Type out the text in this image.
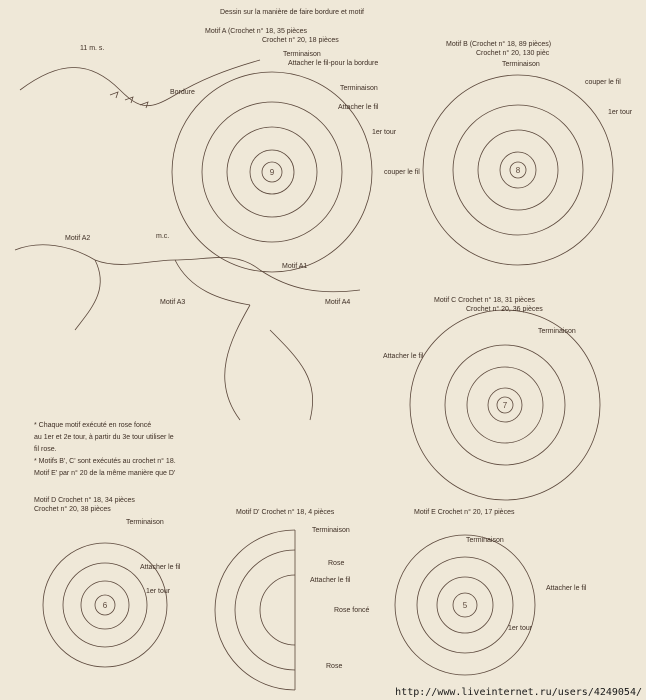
9	8
7
6	5
Dessin sur la manière de faire bordure et motif
11 m. s.
Bordure
Motif A (Crochet n° 18, 35 pièces
Crochet n° 20, 18 pièces
Terminaison
Attacher le fil-pour la bordure
Terminaison
Attacher le fil
1er tour
couper le fil
Motif A2	m.c.
Motif A1
Motif A3	Motif A4
Motif B (Crochet n° 18, 89 pièces)
Crochet n° 20, 130 pièc
Terminaison
couper le fil
1er tour
Motif C Crochet n° 18, 31 pièces
Crochet n° 20, 36 pièces
Terminaison
Attacher le fil
* Chaque motif exécuté en rose foncé
au 1er et 2e tour, à partir du 3e tour utiliser le
fil rose.
* Motifs B', C' sont exécutés au crochet n° 18.
Motif E' par n° 20 de la même manière que D'
Motif D Crochet n° 18, 34 pièces
Crochet n° 20, 38 pièces
Terminaison
Attacher le fil
1er tour
Motif D' Crochet n° 18, 4 pièces
Terminaison
Rose
Attacher le fil
Rose foncé
Rose
Motif E Crochet n° 20, 17 pièces
Terminaison
Attacher le fil
1er tour
http://www.liveinternet.ru/users/4249054/
